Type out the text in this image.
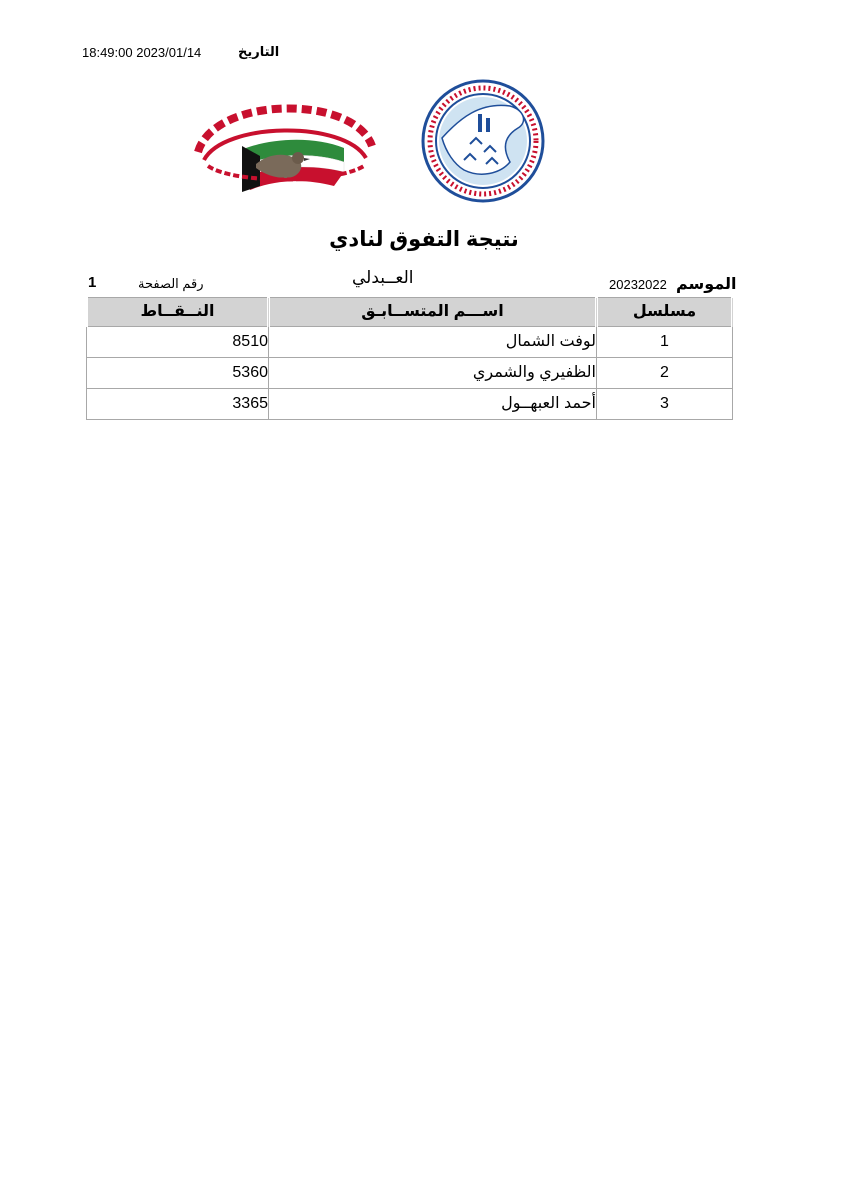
التاريخ
18:49:00 2023/01/14
نتيجة التفوق لنادي
الموسم
20232022
العــبدلي
رقم الصفحة
1
مسلسل	اســـم المتســابـق	النــقــاط
1	لوفت الشمال	8510
2	الظفيري والشمري	5360
3	أحمد العبهــول	3365
